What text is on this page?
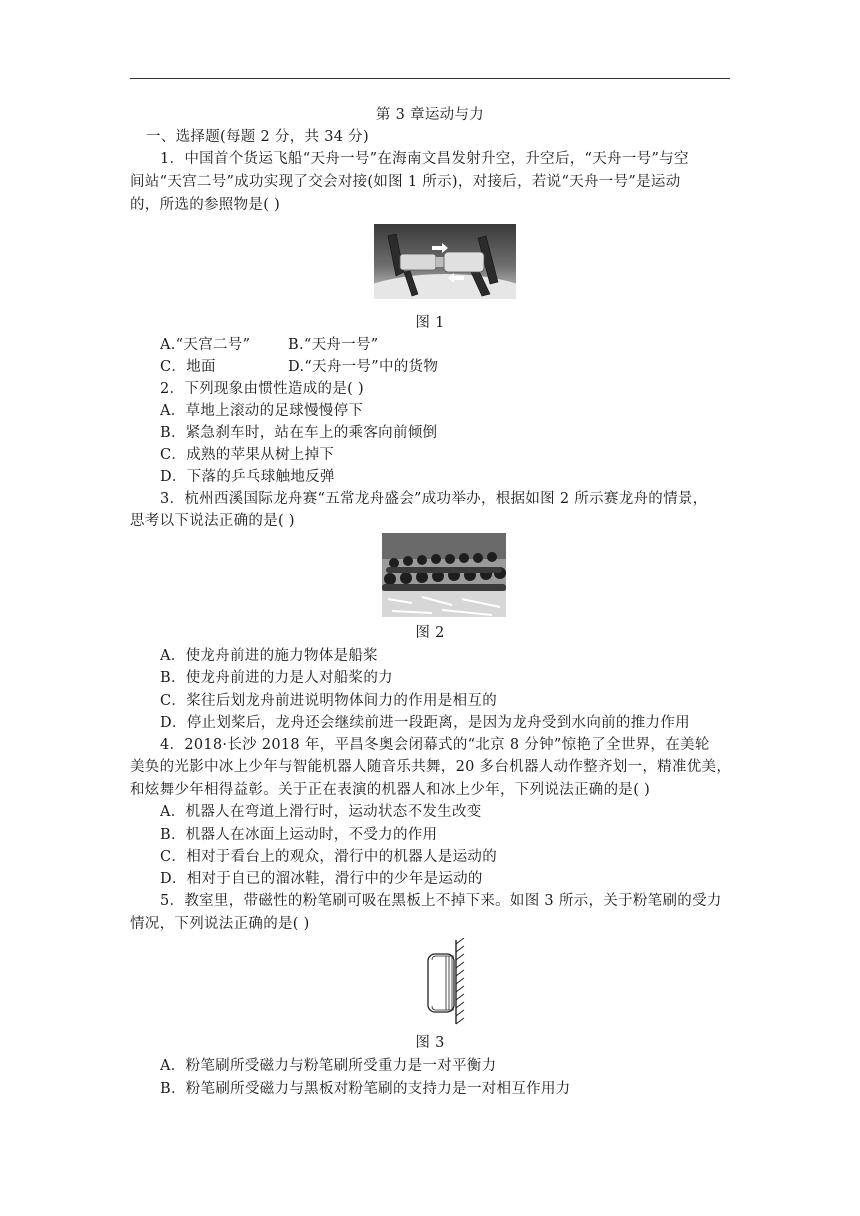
第 3 章运动与力
一、选择题(每题 2 分，共 34 分)
1．中国首个货运飞船“天舟一号”在海南文昌发射升空，升空后，“天舟一号”与空
间站“天宫二号”成功实现了交会对接(如图 1 所示)，对接后，若说“天舟一号”是运动
的，所选的参照物是( )
图 1
A.“天宫二号”	B.“天舟一号”
C．地面	D.“天舟一号”中的货物
2．下列现象由惯性造成的是( )
A．草地上滚动的足球慢慢停下
B．紧急刹车时，站在车上的乘客向前倾倒
C．成熟的苹果从树上掉下
D．下落的乒乓球触地反弹
3．杭州西溪国际龙舟赛“五常龙舟盛会”成功举办，根据如图 2 所示赛龙舟的情景，
思考以下说法正确的是( )
图 2
A．使龙舟前进的施力物体是船桨
B．使龙舟前进的力是人对船桨的力
C．桨往后划龙舟前进说明物体间力的作用是相互的
D．停止划桨后，龙舟还会继续前进一段距离，是因为龙舟受到水向前的推力作用
4．2018·长沙 2018 年，平昌冬奥会闭幕式的“北京 8 分钟”惊艳了全世界，在美轮
美奂的光影中冰上少年与智能机器人随音乐共舞，20 多台机器人动作整齐划一，精准优美，
和炫舞少年相得益彰。关于正在表演的机器人和冰上少年，下列说法正确的是( )
A．机器人在弯道上滑行时，运动状态不发生改变
B．机器人在冰面上运动时，不受力的作用
C．相对于看台上的观众，滑行中的机器人是运动的
D．相对于自已的溜冰鞋，滑行中的少年是运动的
5．教室里，带磁性的粉笔刷可吸在黑板上不掉下来。如图 3 所示，关于粉笔刷的受力
情况，下列说法正确的是( )
图 3
A．粉笔刷所受磁力与粉笔刷所受重力是一对平衡力
B．粉笔刷所受磁力与黑板对粉笔刷的支持力是一对相互作用力
